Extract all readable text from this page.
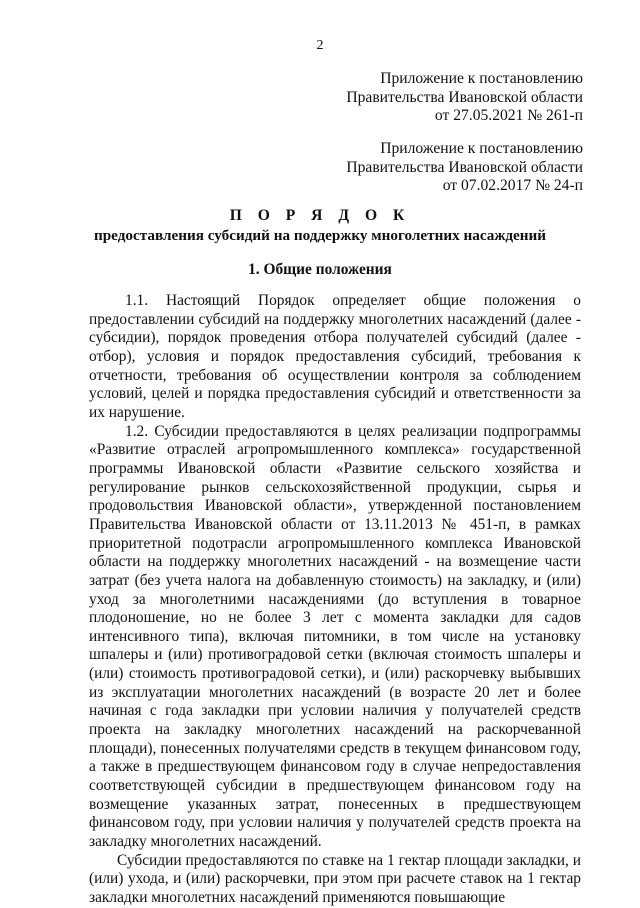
2
Приложение к постановлению
Правительства Ивановской области
от 27.05.2021 № 261-п
Приложение к постановлению
Правительства Ивановской области
от 07.02.2017 № 24-п
П О Р Я Д О К
предоставления субсидий на поддержку многолетних насаждений
1. Общие положения

1.1. Настоящий Порядок определяет общие положения о предоставлении субсидий на поддержку многолетних насаждений (далее - субсидии), порядок проведения отбора получателей субсидий (далее - отбор), условия и порядок предоставления субсидий, требования к отчетности, требования об осуществлении контроля за соблюдением условий, целей и порядка предоставления субсидий и ответственности за их нарушение.

1.2. Субсидии предоставляются в целях реализации подпрограммы «Развитие отраслей агропромышленного комплекса» государственной программы Ивановской области «Развитие сельского хозяйства и регулирование рынков сельскохозяйственной продукции, сырья и продовольствия Ивановской области», утвержденной постановлением Правительства Ивановской области от 13.11.2013 № 451-п, в рамках приоритетной подотрасли агропромышленного комплекса Ивановской области на поддержку многолетних насаждений - на возмещение части затрат (без учета налога на добавленную стоимость) на закладку, и (или) уход за многолетними насаждениями (до вступления в товарное плодоношение, но не более 3 лет с момента закладки для садов интенсивного типа), включая питомники, в том числе на установку шпалеры и (или) противоградовой сетки (включая стоимость шпалеры и (или) стоимость противоградовой сетки), и (или) раскорчевку выбывших из эксплуатации многолетних насаждений (в возрасте 20 лет и более начиная с года закладки при условии наличия у получателей средств проекта на закладку многолетних насаждений на раскорчеванной площади), понесенных получателями средств в текущем финансовом году, а также в предшествующем финансовом году в случае непредоставления соответствующей субсидии в предшествующем финансовом году на возмещение указанных затрат, понесенных в предшествующем финансовом году, при условии наличия у получателей средств проекта на закладку многолетних насаждений.

Субсидии предоставляются по ставке на 1 гектар площади закладки, и (или) ухода, и (или) раскорчевки, при этом при расчете ставок на 1 гектар закладки многолетних насаждений применяются повышающие
